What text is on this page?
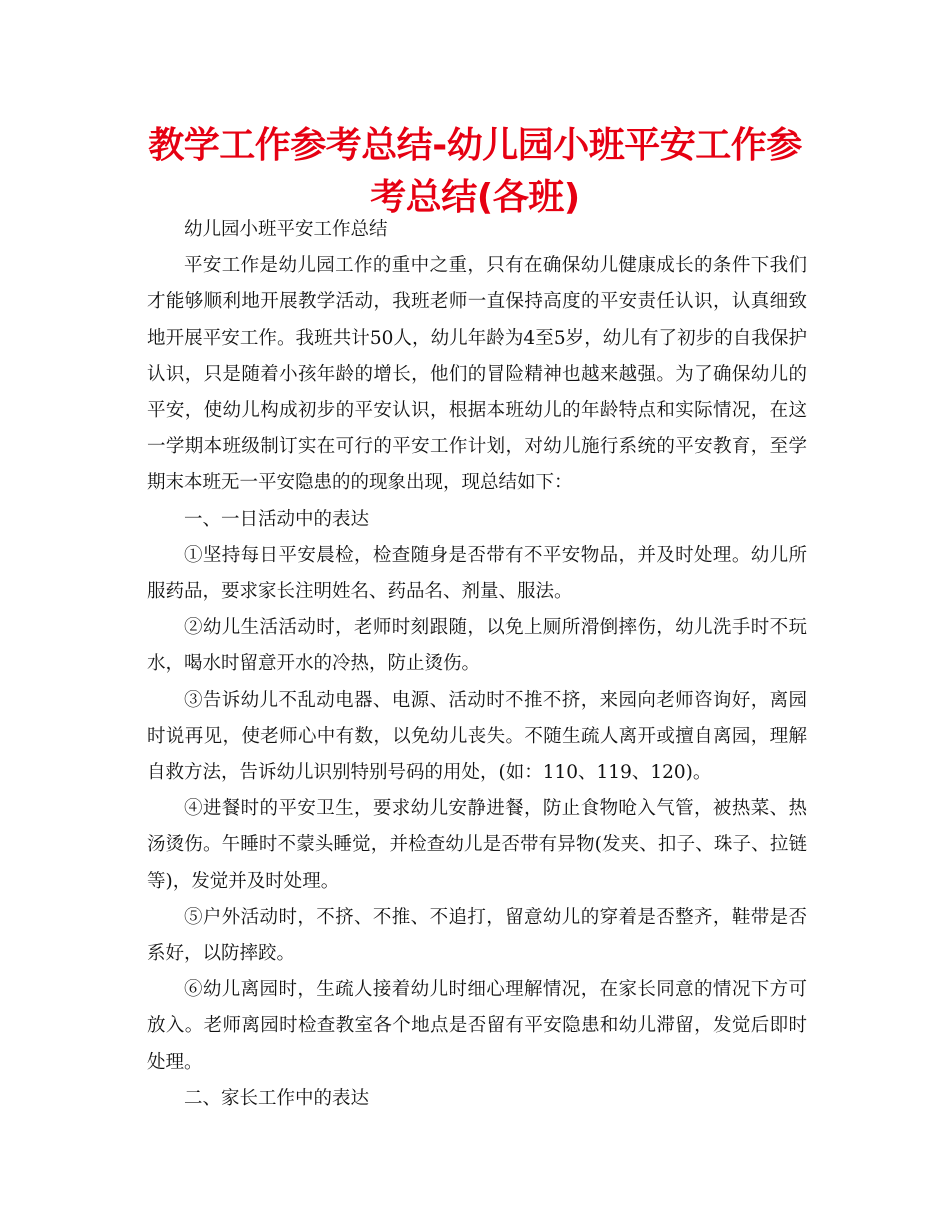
教学工作参考总结-幼儿园小班平安工作参考总结(各班)

幼儿园小班平安工作总结

平安工作是幼儿园工作的重中之重，只有在确保幼儿健康成长的条件下我们才能够顺利地开展教学活动，我班老师一直保持高度的平安责任认识，认真细致地开展平安工作。我班共计50人，幼儿年龄为4至5岁，幼儿有了初步的自我保护认识，只是随着小孩年龄的增长，他们的冒险精神也越来越强。为了确保幼儿的平安，使幼儿构成初步的平安认识，根据本班幼儿的年龄特点和实际情况，在这一学期本班级制订实在可行的平安工作计划，对幼儿施行系统的平安教育，至学期末本班无一平安隐患的的现象出现，现总结如下：

一、一日活动中的表达

①坚持每日平安晨检，检查随身是否带有不平安物品，并及时处理。幼儿所服药品，要求家长注明姓名、药品名、剂量、服法。

②幼儿生活活动时，老师时刻跟随，以免上厕所滑倒摔伤，幼儿洗手时不玩水，喝水时留意开水的冷热，防止烫伤。

③告诉幼儿不乱动电器、电源、活动时不推不挤，来园向老师咨询好，离园时说再见，使老师心中有数，以免幼儿丧失。不随生疏人离开或擅自离园，理解自救方法，告诉幼儿识别特别号码的用处，(如：110、119、120)。

④进餐时的平安卫生，要求幼儿安静进餐，防止食物呛入气管，被热菜、热汤烫伤。午睡时不蒙头睡觉，并检查幼儿是否带有异物(发夹、扣子、珠子、拉链等)，发觉并及时处理。

⑤户外活动时，不挤、不推、不追打，留意幼儿的穿着是否整齐，鞋带是否系好，以防摔跤。

⑥幼儿离园时，生疏人接着幼儿时细心理解情况，在家长同意的情况下方可放入。老师离园时检查教室各个地点是否留有平安隐患和幼儿滞留，发觉后即时处理。

二、家长工作中的表达
